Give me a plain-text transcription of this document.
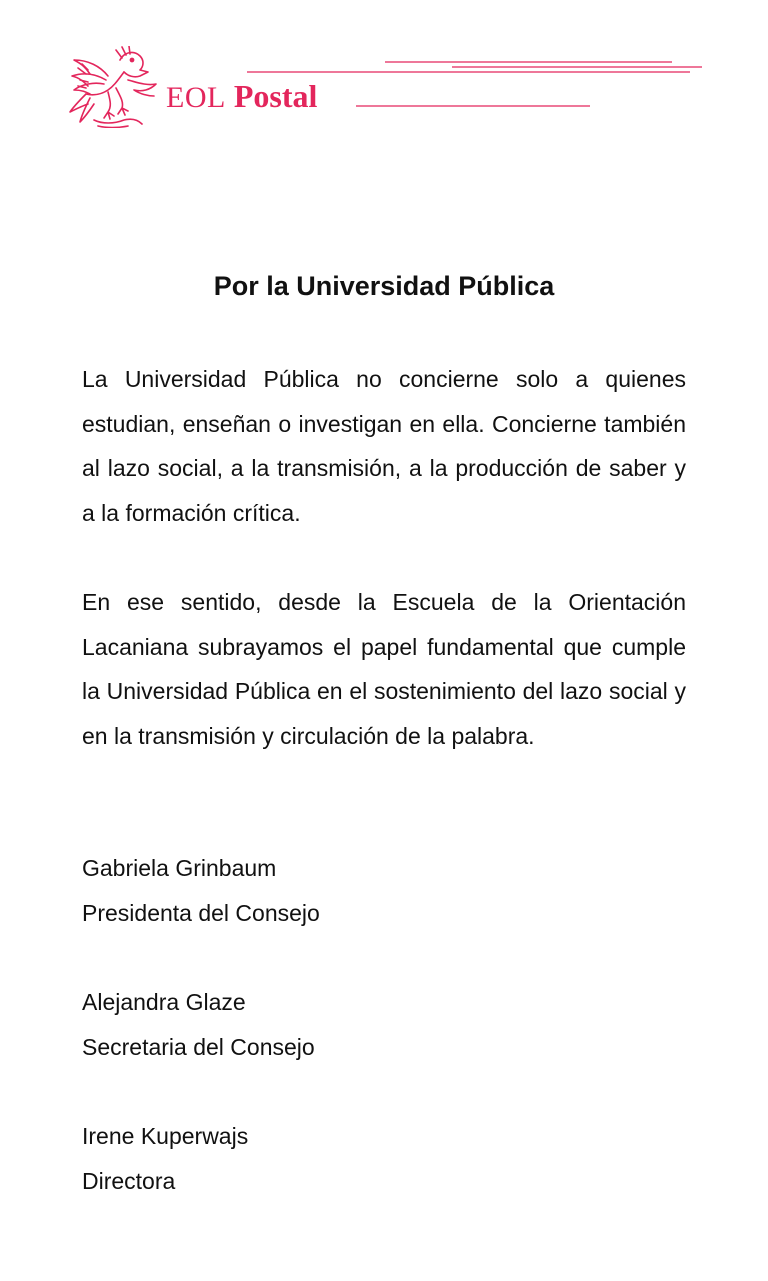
EOL Postal
Por la Universidad Pública
La Universidad Pública no concierne solo a quienes estudian, enseñan o investigan en ella. Concierne también al lazo social, a la transmisión, a la producción de saber y a la formación crítica.
En ese sentido, desde la Escuela de la Orientación Lacaniana subrayamos el papel fundamental que cumple la Universidad Pública en el sostenimiento del lazo social y en la transmisión y circulación de la palabra.
Gabriela Grinbaum
Presidenta del Consejo
Alejandra Glaze
Secretaria del Consejo
Irene Kuperwajs
Directora
